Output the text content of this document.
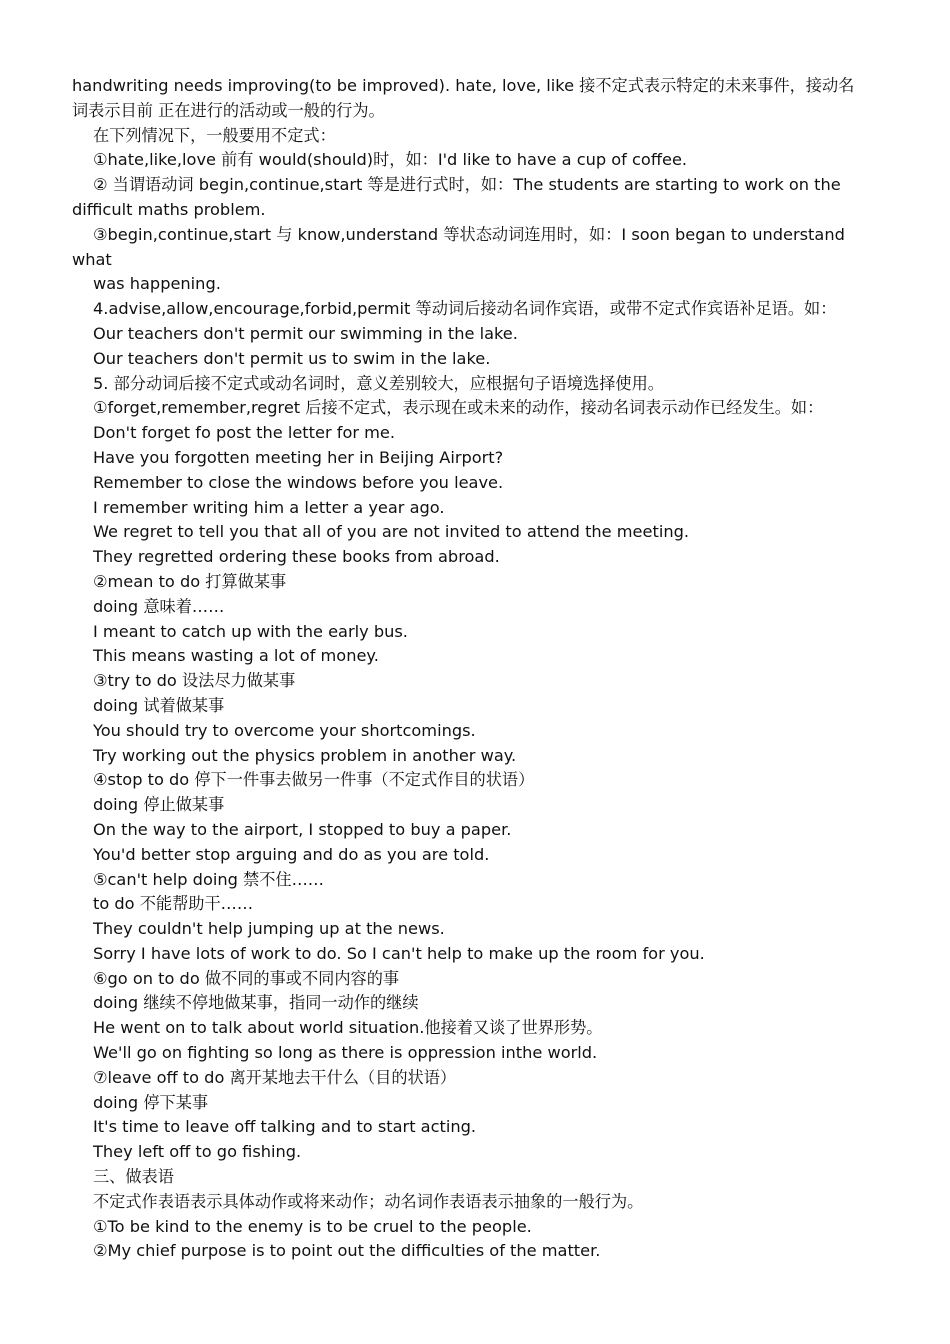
handwriting needs improving(to be improved). hate, love, like 接不定式表示特定的未来事件，接动名
词表示目前 正在进行的活动或一般的行为。
在下列情况下，一般要用不定式：
①hate,like,love 前有 would(should)时，如：I'd like to have a cup of coffee.
② 当谓语动词 begin,continue,start 等是进行式时，如：The students are starting to work on the
difficult maths problem.
③begin,continue,start 与 know,understand 等状态动词连用时，如：I soon began to understand
what
was happening.
4.advise,allow,encourage,forbid,permit 等动词后接动名词作宾语，或带不定式作宾语补足语。如：
Our teachers don't permit our swimming in the lake.
Our teachers don't permit us to swim in the lake.
5. 部分动词后接不定式或动名词时，意义差别较大，应根据句子语境选择使用。
①forget,remember,regret 后接不定式，表示现在或未来的动作，接动名词表示动作已经发生。如：
Don't forget fo post the letter for me.
Have you forgotten meeting her in Beijing Airport?
Remember to close the windows before you leave.
I remember writing him a letter a year ago.
We regret to tell you that all of you are not invited to attend the meeting.
They regretted ordering these books from abroad.
②mean to do 打算做某事
doing 意味着……
I meant to catch up with the early bus.
This means wasting a lot of money.
③try to do 设法尽力做某事
doing 试着做某事
You should try to overcome your shortcomings.
Try working out the physics problem in another way.
④stop to do 停下一件事去做另一件事（不定式作目的状语）
doing 停止做某事
On the way to the airport, I stopped to buy a paper.
You'd better stop arguing and do as you are told.
⑤can't help doing 禁不住……
to do 不能帮助干……
They couldn't help jumping up at the news.
Sorry I have lots of work to do. So I can't help to make up the room for you.
⑥go on to do 做不同的事或不同内容的事
doing 继续不停地做某事，指同一动作的继续
He went on to talk about world situation.他接着又谈了世界形势。
We'll go on fighting so long as there is oppression inthe world.
⑦leave off to do 离开某地去干什么（目的状语）
doing 停下某事
It's time to leave off talking and to start acting.
They left off to go fishing.
三、做表语
不定式作表语表示具体动作或将来动作；动名词作表语表示抽象的一般行为。
①To be kind to the enemy is to be cruel to the people.
②My chief purpose is to point out the difficulties of the matter.
